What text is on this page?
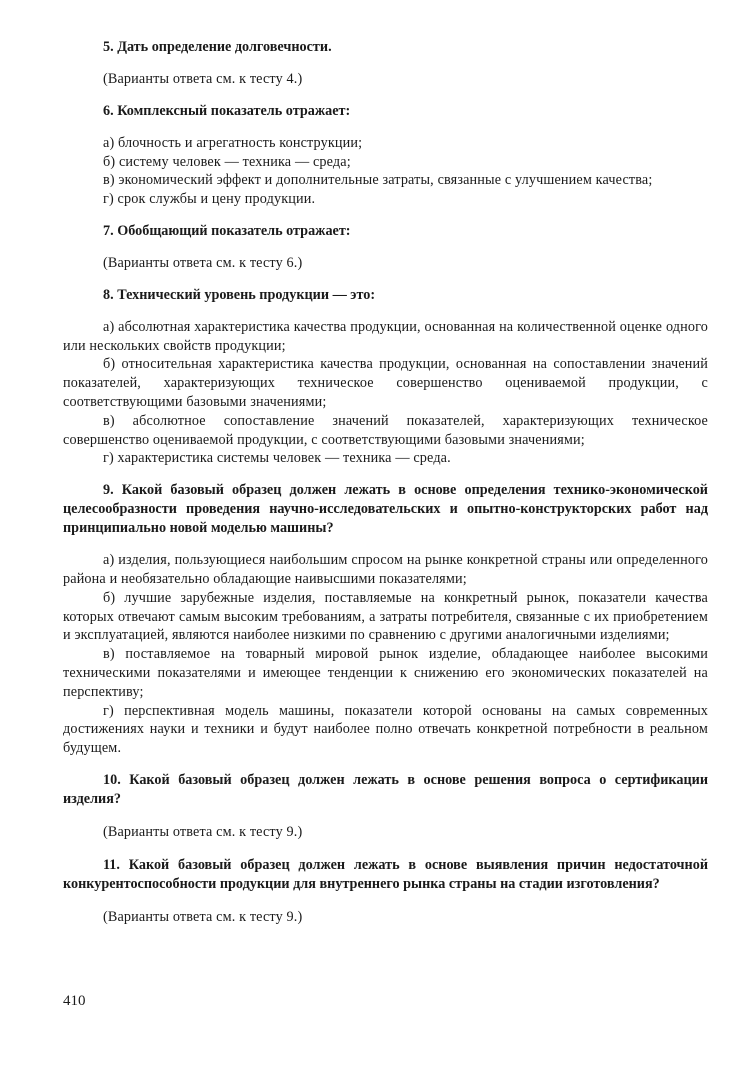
5. Дать определение долговечности.

(Варианты ответа см. к тесту 4.)

6. Комплексный показатель отражает:

а) блочность и агрегатность конструкции;

б) систему человек — техника — среда;

в) экономический эффект и дополнительные затраты, связанные с улучшением качества;

г) срок службы и цену продукции.

7. Обобщающий показатель отражает:

(Варианты ответа см. к тесту 6.)

8. Технический уровень продукции — это:

а) абсолютная характеристика качества продукции, основанная на количественной оценке одного или нескольких свойств продукции;

б) относительная характеристика качества продукции, основанная на сопоставлении значений показателей, характеризующих техническое совершенство оцениваемой продукции, с соответствующими базовыми значениями;

в) абсолютное сопоставление значений показателей, характеризующих техническое совершенство оцениваемой продукции, с соответствующими базовыми значениями;

г) характеристика системы человек — техника — среда.

9. Какой базовый образец должен лежать в основе определения технико-экономической целесообразности проведения научно-исследовательских и опытно-конструкторских работ над принципиально новой моделью машины?

а) изделия, пользующиеся наибольшим спросом на рынке конкретной страны или определенного района и необязательно обладающие наивысшими показателями;

б) лучшие зарубежные изделия, поставляемые на конкретный рынок, показатели качества которых отвечают самым высоким требованиям, а затраты потребителя, связанные с их приобретением и эксплуатацией, являются наиболее низкими по сравнению с другими аналогичными изделиями;

в) поставляемое на товарный мировой рынок изделие, обладающее наиболее высокими техническими показателями и имеющее тенденции к снижению его экономических показателей на перспективу;

г) перспективная модель машины, показатели которой основаны на самых современных достижениях науки и техники и будут наиболее полно отвечать конкретной потребности в реальном будущем.

10. Какой базовый образец должен лежать в основе решения вопроса о сертификации изделия?

(Варианты ответа см. к тесту 9.)

11. Какой базовый образец должен лежать в основе выявления причин недостаточной конкурентоспособности продукции для внутреннего рынка страны на стадии изготовления?

(Варианты ответа см. к тесту 9.)

410
